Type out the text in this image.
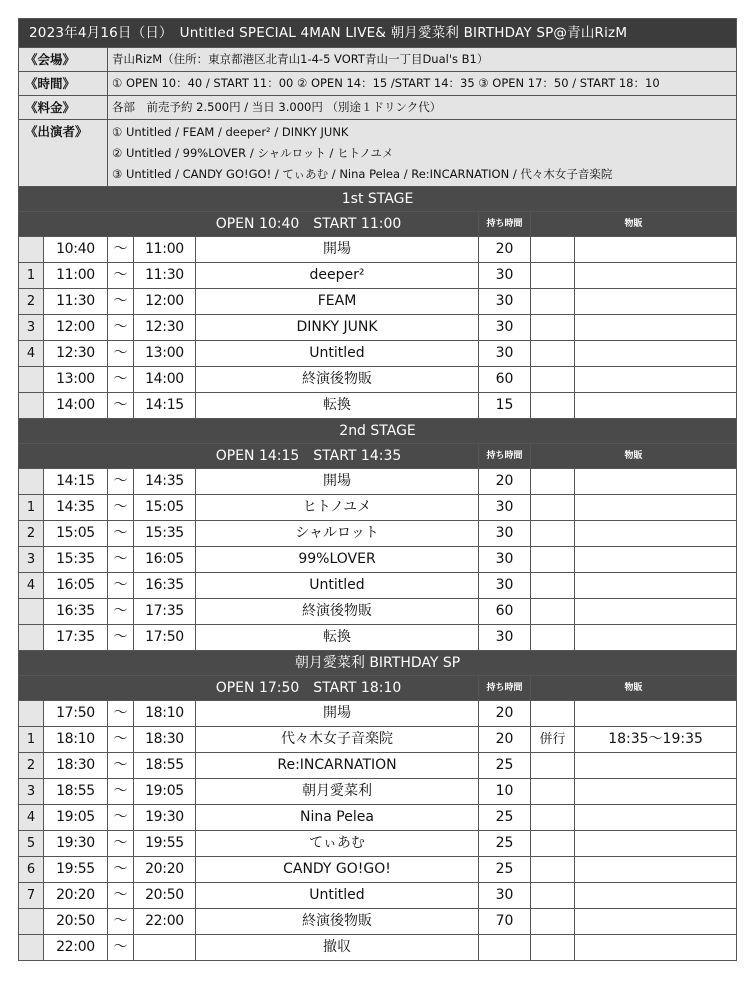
2023年4月16日（日）　Untitled SPECIAL 4MAN LIVE& 朝月愛菜利 BIRTHDAY SP@青山RizM							
《会場》		青山RizM（住所：東京都港区北青山1-4-5 VORT青山一丁目Dual's B1）					
《時間》		① OPEN 10：40 / START 11：00 ② OPEN 14：15 /START 14：35 ③ OPEN 17：50 / START 18：10					
《料金》		各部　前売予約 2.500円 / 当日 3.000円 （別途１ドリンク代）					
《出演者》		① Untitled / FEAM / deeper² / DINKY JUNK
② Untitled / 99%LOVER / シャルロット / ヒトノユメ
③ Untitled / CANDY GO!GO! / てぃあむ / Nina Pelea / Re:INCARNATION / 代々木女子音楽院					

1st STAGE							
OPEN 10:40　START 11:00					持ち時間	物販	
	10:40	～	11:00	開場	20		
1	11:00	～	11:30	deeper²	30		
2	11:30	～	12:00	FEAM	30		
3	12:00	～	12:30	DINKY JUNK	30		
4	12:30	～	13:00	Untitled	30		
	13:00	～	14:00	終演後物販	60		
	14:00	～	14:15	転換	15		
2nd STAGE							
OPEN 14:15　START 14:35					持ち時間	物販	
	14:15	～	14:35	開場	20		
1	14:35	～	15:05	ヒトノユメ	30		
2	15:05	～	15:35	シャルロット	30		
3	15:35	～	16:05	99%LOVER	30		
4	16:05	～	16:35	Untitled	30		
	16:35	～	17:35	終演後物販	60		
	17:35	～	17:50	転換	30		
朝月愛菜利 BIRTHDAY SP							
OPEN 17:50　START 18:10					持ち時間	物販	
	17:50	～	18:10	開場	20		
1	18:10	～	18:30	代々木女子音楽院	20	併行	18:35～19:35
2	18:30	～	18:55	Re:INCARNATION	25		
3	18:55	～	19:05	朝月愛菜利	10		
4	19:05	～	19:30	Nina Pelea	25		
5	19:30	～	19:55	てぃあむ	25		
6	19:55	～	20:20	CANDY GO!GO!	25		
7	20:20	～	20:50	Untitled	30		
	20:50	～	22:00	終演後物販	70		
	22:00	～		撤収			
